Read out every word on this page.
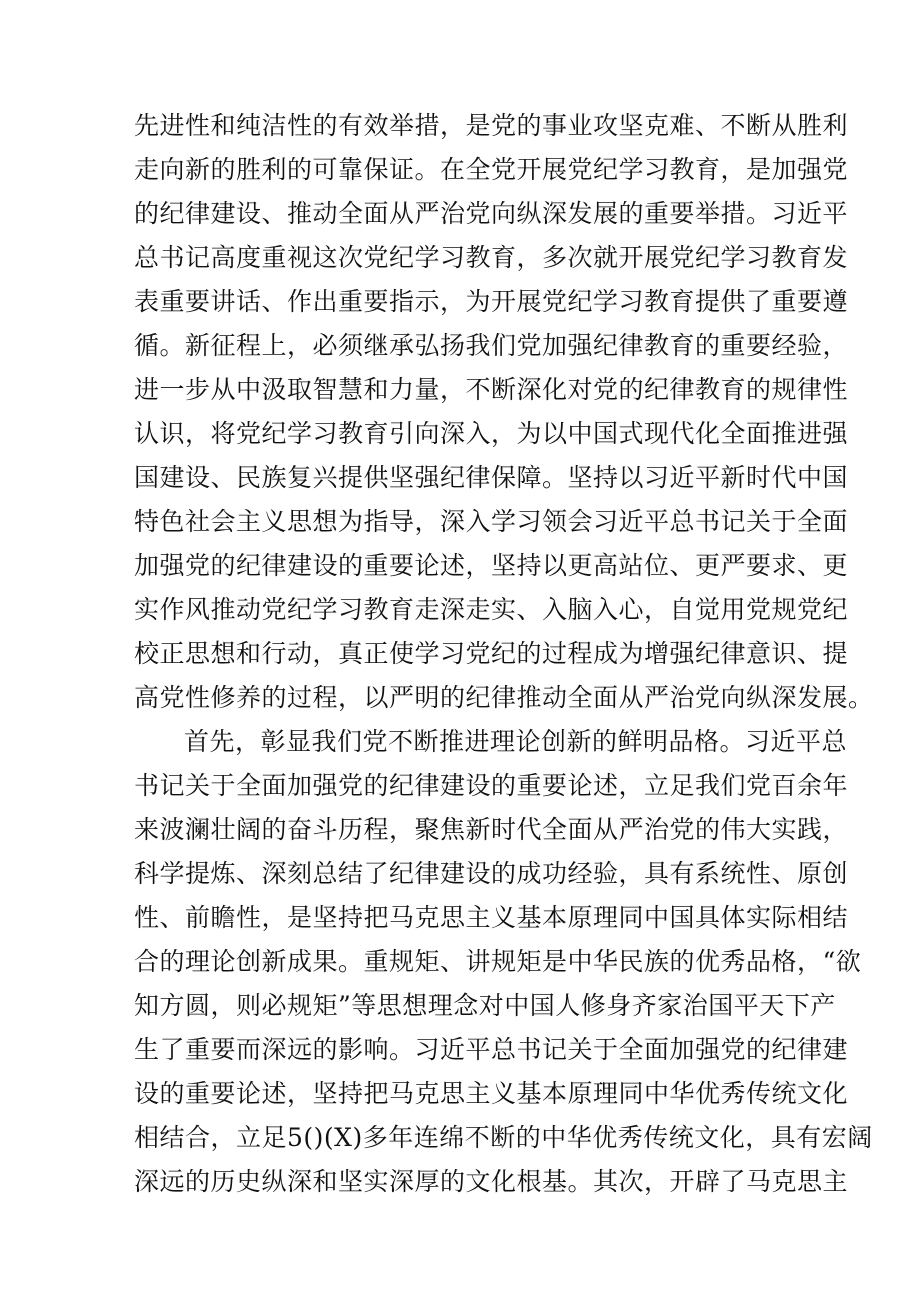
先进性和纯洁性的有效举措，是党的事业攻坚克难、不断从胜利
走向新的胜利的可靠保证。在全党开展党纪学习教育，是加强党
的纪律建设、推动全面从严治党向纵深发展的重要举措。习近平
总书记高度重视这次党纪学习教育，多次就开展党纪学习教育发
表重要讲话、作出重要指示，为开展党纪学习教育提供了重要遵
循。新征程上，必须继承弘扬我们党加强纪律教育的重要经验，
进一步从中汲取智慧和力量，不断深化对党的纪律教育的规律性
认识，将党纪学习教育引向深入，为以中国式现代化全面推进强
国建设、民族复兴提供坚强纪律保障。坚持以习近平新时代中国
特色社会主义思想为指导，深入学习领会习近平总书记关于全面
加强党的纪律建设的重要论述，坚持以更高站位、更严要求、更
实作风推动党纪学习教育走深走实、入脑入心，自觉用党规党纪
校正思想和行动，真正使学习党纪的过程成为增强纪律意识、提
高党性修养的过程，以严明的纪律推动全面从严治党向纵深发展。
首先，彰显我们党不断推进理论创新的鲜明品格。习近平总
书记关于全面加强党的纪律建设的重要论述，立足我们党百余年
来波澜壮阔的奋斗历程，聚焦新时代全面从严治党的伟大实践，
科学提炼、深刻总结了纪律建设的成功经验，具有系统性、原创
性、前瞻性，是坚持把马克思主义基本原理同中国具体实际相结
合的理论创新成果。重规矩、讲规矩是中华民族的优秀品格，“欲
知方圆，则必规矩”等思想理念对中国人修身齐家治国平天下产
生了重要而深远的影响。习近平总书记关于全面加强党的纪律建
设的重要论述，坚持把马克思主义基本原理同中华优秀传统文化
相结合，立足5()(X)多年连绵不断的中华优秀传统文化，具有宏阔
深远的历史纵深和坚实深厚的文化根基。其次，开辟了马克思主
